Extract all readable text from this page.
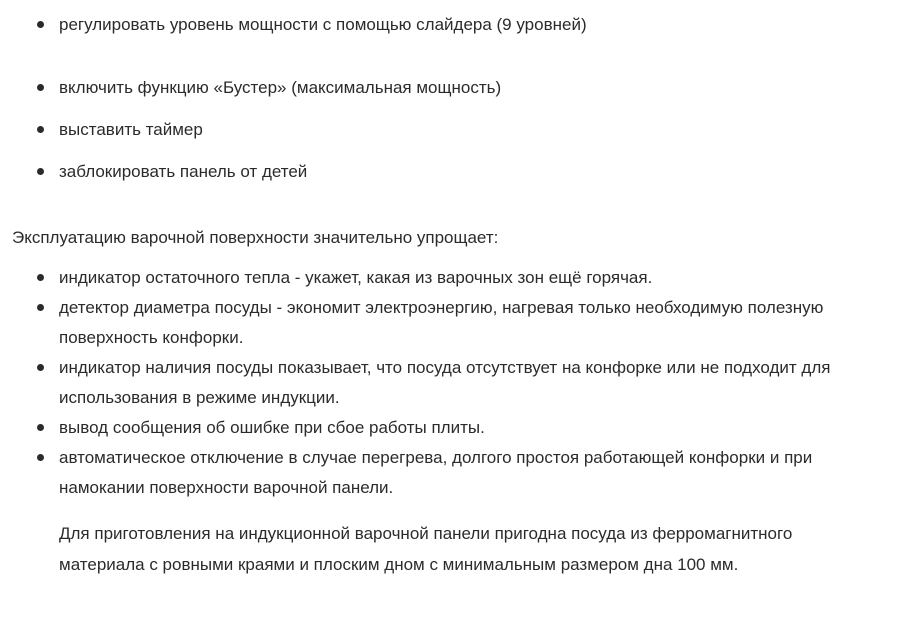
регулировать уровень мощности с помощью слайдера (9 уровней)
включить функцию «Бустер» (максимальная мощность)
выставить таймер
заблокировать панель от детей

Эксплуатацию варочной поверхности значительно упрощает:

индикатор остаточного тепла - укажет, какая из варочных зон ещё горячая.
детектор диаметра посуды - экономит электроэнергию, нагревая только необходимую полезную поверхность конфорки.
индикатор наличия посуды показывает, что посуда отсутствует на конфорке или не подходит для использования в режиме индукции.
вывод сообщения об ошибке при сбое работы плиты.
автоматическое отключение в случае перегрева, долгого простоя работающей конфорки и при намокании поверхности варочной панели.

Для приготовления на индукционной варочной панели пригодна посуда из ферромагнитного материала с ровными краями и плоским дном с минимальным размером дна 100 мм.
